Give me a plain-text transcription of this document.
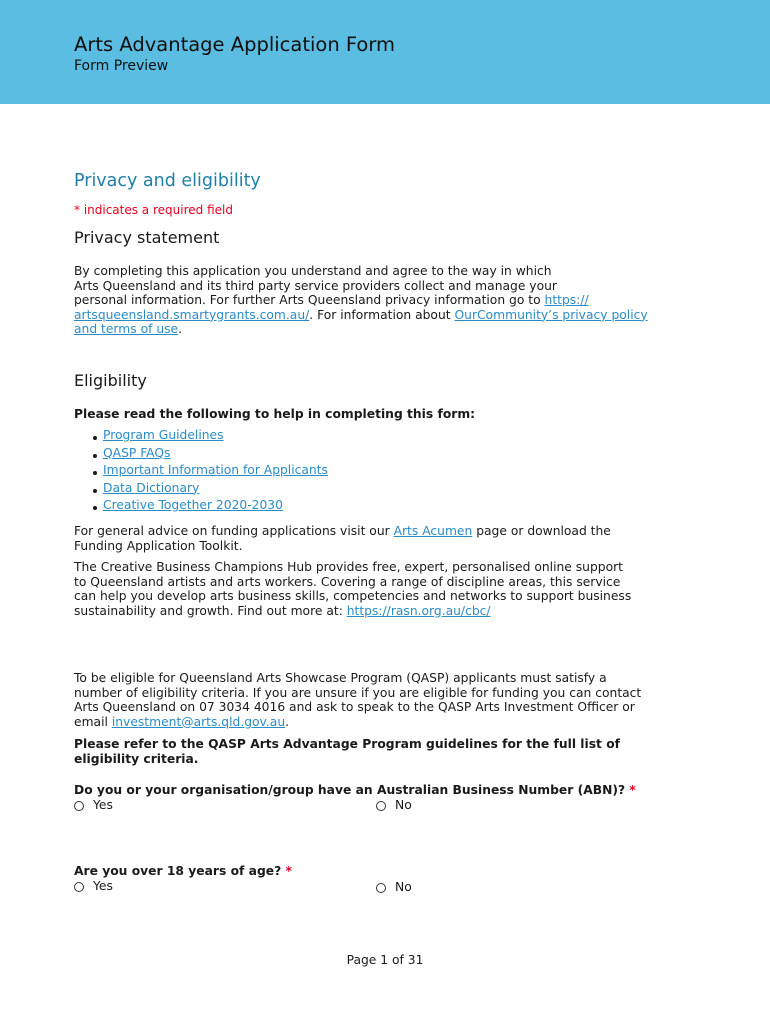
Arts Advantage Application Form
Form Preview
Privacy and eligibility
* indicates a required field
Privacy statement
By completing this application you understand and agree to the way in which
Arts Queensland and its third party service providers collect and manage your
personal information. For further Arts Queensland privacy information go to https://
artsqueensland.smartygrants.com.au/. For information about OurCommunity’s privacy policy
and terms of use.
Eligibility
Please read the following to help in completing this form:
Program Guidelines
QASP FAQs
Important Information for Applicants
Data Dictionary
Creative Together 2020-2030
For general advice on funding applications visit our Arts Acumen page or download the
Funding Application Toolkit.
The Creative Business Champions Hub provides free, expert, personalised online support
to Queensland artists and arts workers. Covering a range of discipline areas, this service
can help you develop arts business skills, competencies and networks to support business
sustainability and growth. Find out more at: https://rasn.org.au/cbc/
To be eligible for Queensland Arts Showcase Program (QASP) applicants must satisfy a
number of eligibility criteria. If you are unsure if you are eligible for funding you can contact
Arts Queensland on 07 3034 4016 and ask to speak to the QASP Arts Investment Officer or
email investment@arts.qld.gov.au.
Please refer to the QASP Arts Advantage Program guidelines for the full list of
eligibility criteria.
Do you or your organisation/group have an Australian Business Number (ABN)? *
Yes	No
Are you over 18 years of age? *
Yes	No
Page 1 of 31
